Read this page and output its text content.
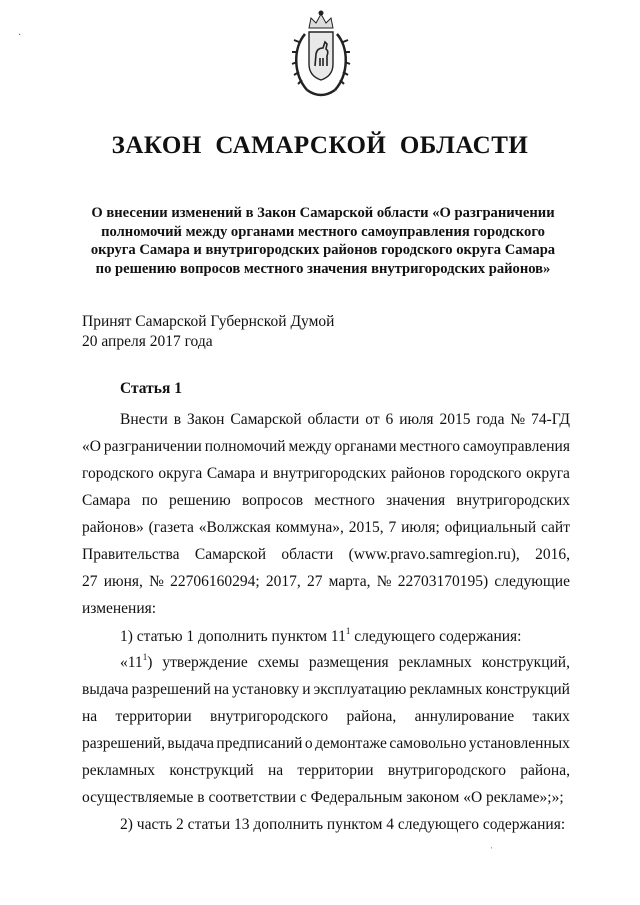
ЗАКОН  САМАРСКОЙ  ОБЛАСТИ
О внесении изменений в Закон Самарской области «О разграничении
полномочий между органами местного самоуправления городского
округа Самара и внутригородских районов городского округа Самара
по решению вопросов местного значения внутригородских районов»
Принят Самарской Губернской Думой
20 апреля 2017 года
Статья 1
Внести в Закон Самарской области от 6 июля 2015 года № 74-ГД
«О разграничении полномочий между органами местного самоуправления
городского округа Самара и внутригородских районов городского округа
Самара по решению вопросов местного значения внутригородских
районов» (газета «Волжская коммуна», 2015, 7 июля; официальный сайт
Правительства Самарской области (www.pravo.samregion.ru), 2016,
27 июня, № 22706160294; 2017, 27 марта, № 22703170195) следующие
изменения:
1) статью 1 дополнить пунктом $11^1$ следующего содержания:
«$11^1$) утверждение схемы размещения рекламных конструкций,
выдача разрешений на установку и эксплуатацию рекламных конструкций
на территории внутригородского района, аннулирование таких
разрешений, выдача предписаний о демонтаже самовольно установленных
рекламных конструкций на территории внутригородского района,
осуществляемые в соответствии с Федеральным законом «О рекламе»;»;
2) часть 2 статьи 13 дополнить пунктом 4 следующего содержания:
·
ˌ
